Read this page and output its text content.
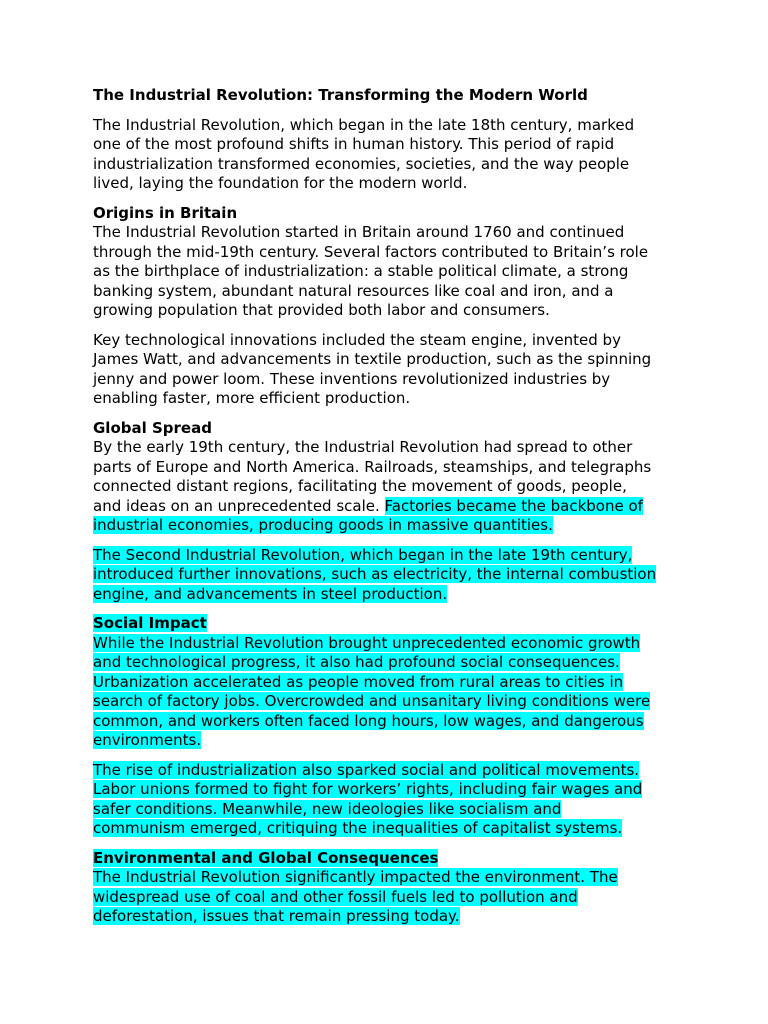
The Industrial Revolution: Transforming the Modern World

The Industrial Revolution, which began in the late 18th century, marked
one of the most profound shifts in human history. This period of rapid
industrialization transformed economies, societies, and the way people
lived, laying the foundation for the modern world.

Origins in Britain

The Industrial Revolution started in Britain around 1760 and continued
through the mid-19th century. Several factors contributed to Britain’s role
as the birthplace of industrialization: a stable political climate, a strong
banking system, abundant natural resources like coal and iron, and a
growing population that provided both labor and consumers.

Key technological innovations included the steam engine, invented by
James Watt, and advancements in textile production, such as the spinning
jenny and power loom. These inventions revolutionized industries by
enabling faster, more efficient production.

Global Spread

By the early 19th century, the Industrial Revolution had spread to other
parts of Europe and North America. Railroads, steamships, and telegraphs
connected distant regions, facilitating the movement of goods, people,
and ideas on an unprecedented scale. Factories became the backbone of
industrial economies, producing goods in massive quantities.

The Second Industrial Revolution, which began in the late 19th century,
introduced further innovations, such as electricity, the internal combustion
engine, and advancements in steel production.

Social Impact

While the Industrial Revolution brought unprecedented economic growth
and technological progress, it also had profound social consequences.
Urbanization accelerated as people moved from rural areas to cities in
search of factory jobs. Overcrowded and unsanitary living conditions were
common, and workers often faced long hours, low wages, and dangerous
environments.

The rise of industrialization also sparked social and political movements.
Labor unions formed to fight for workers’ rights, including fair wages and
safer conditions. Meanwhile, new ideologies like socialism and
communism emerged, critiquing the inequalities of capitalist systems.

Environmental and Global Consequences

The Industrial Revolution significantly impacted the environment. The
widespread use of coal and other fossil fuels led to pollution and
deforestation, issues that remain pressing today.
